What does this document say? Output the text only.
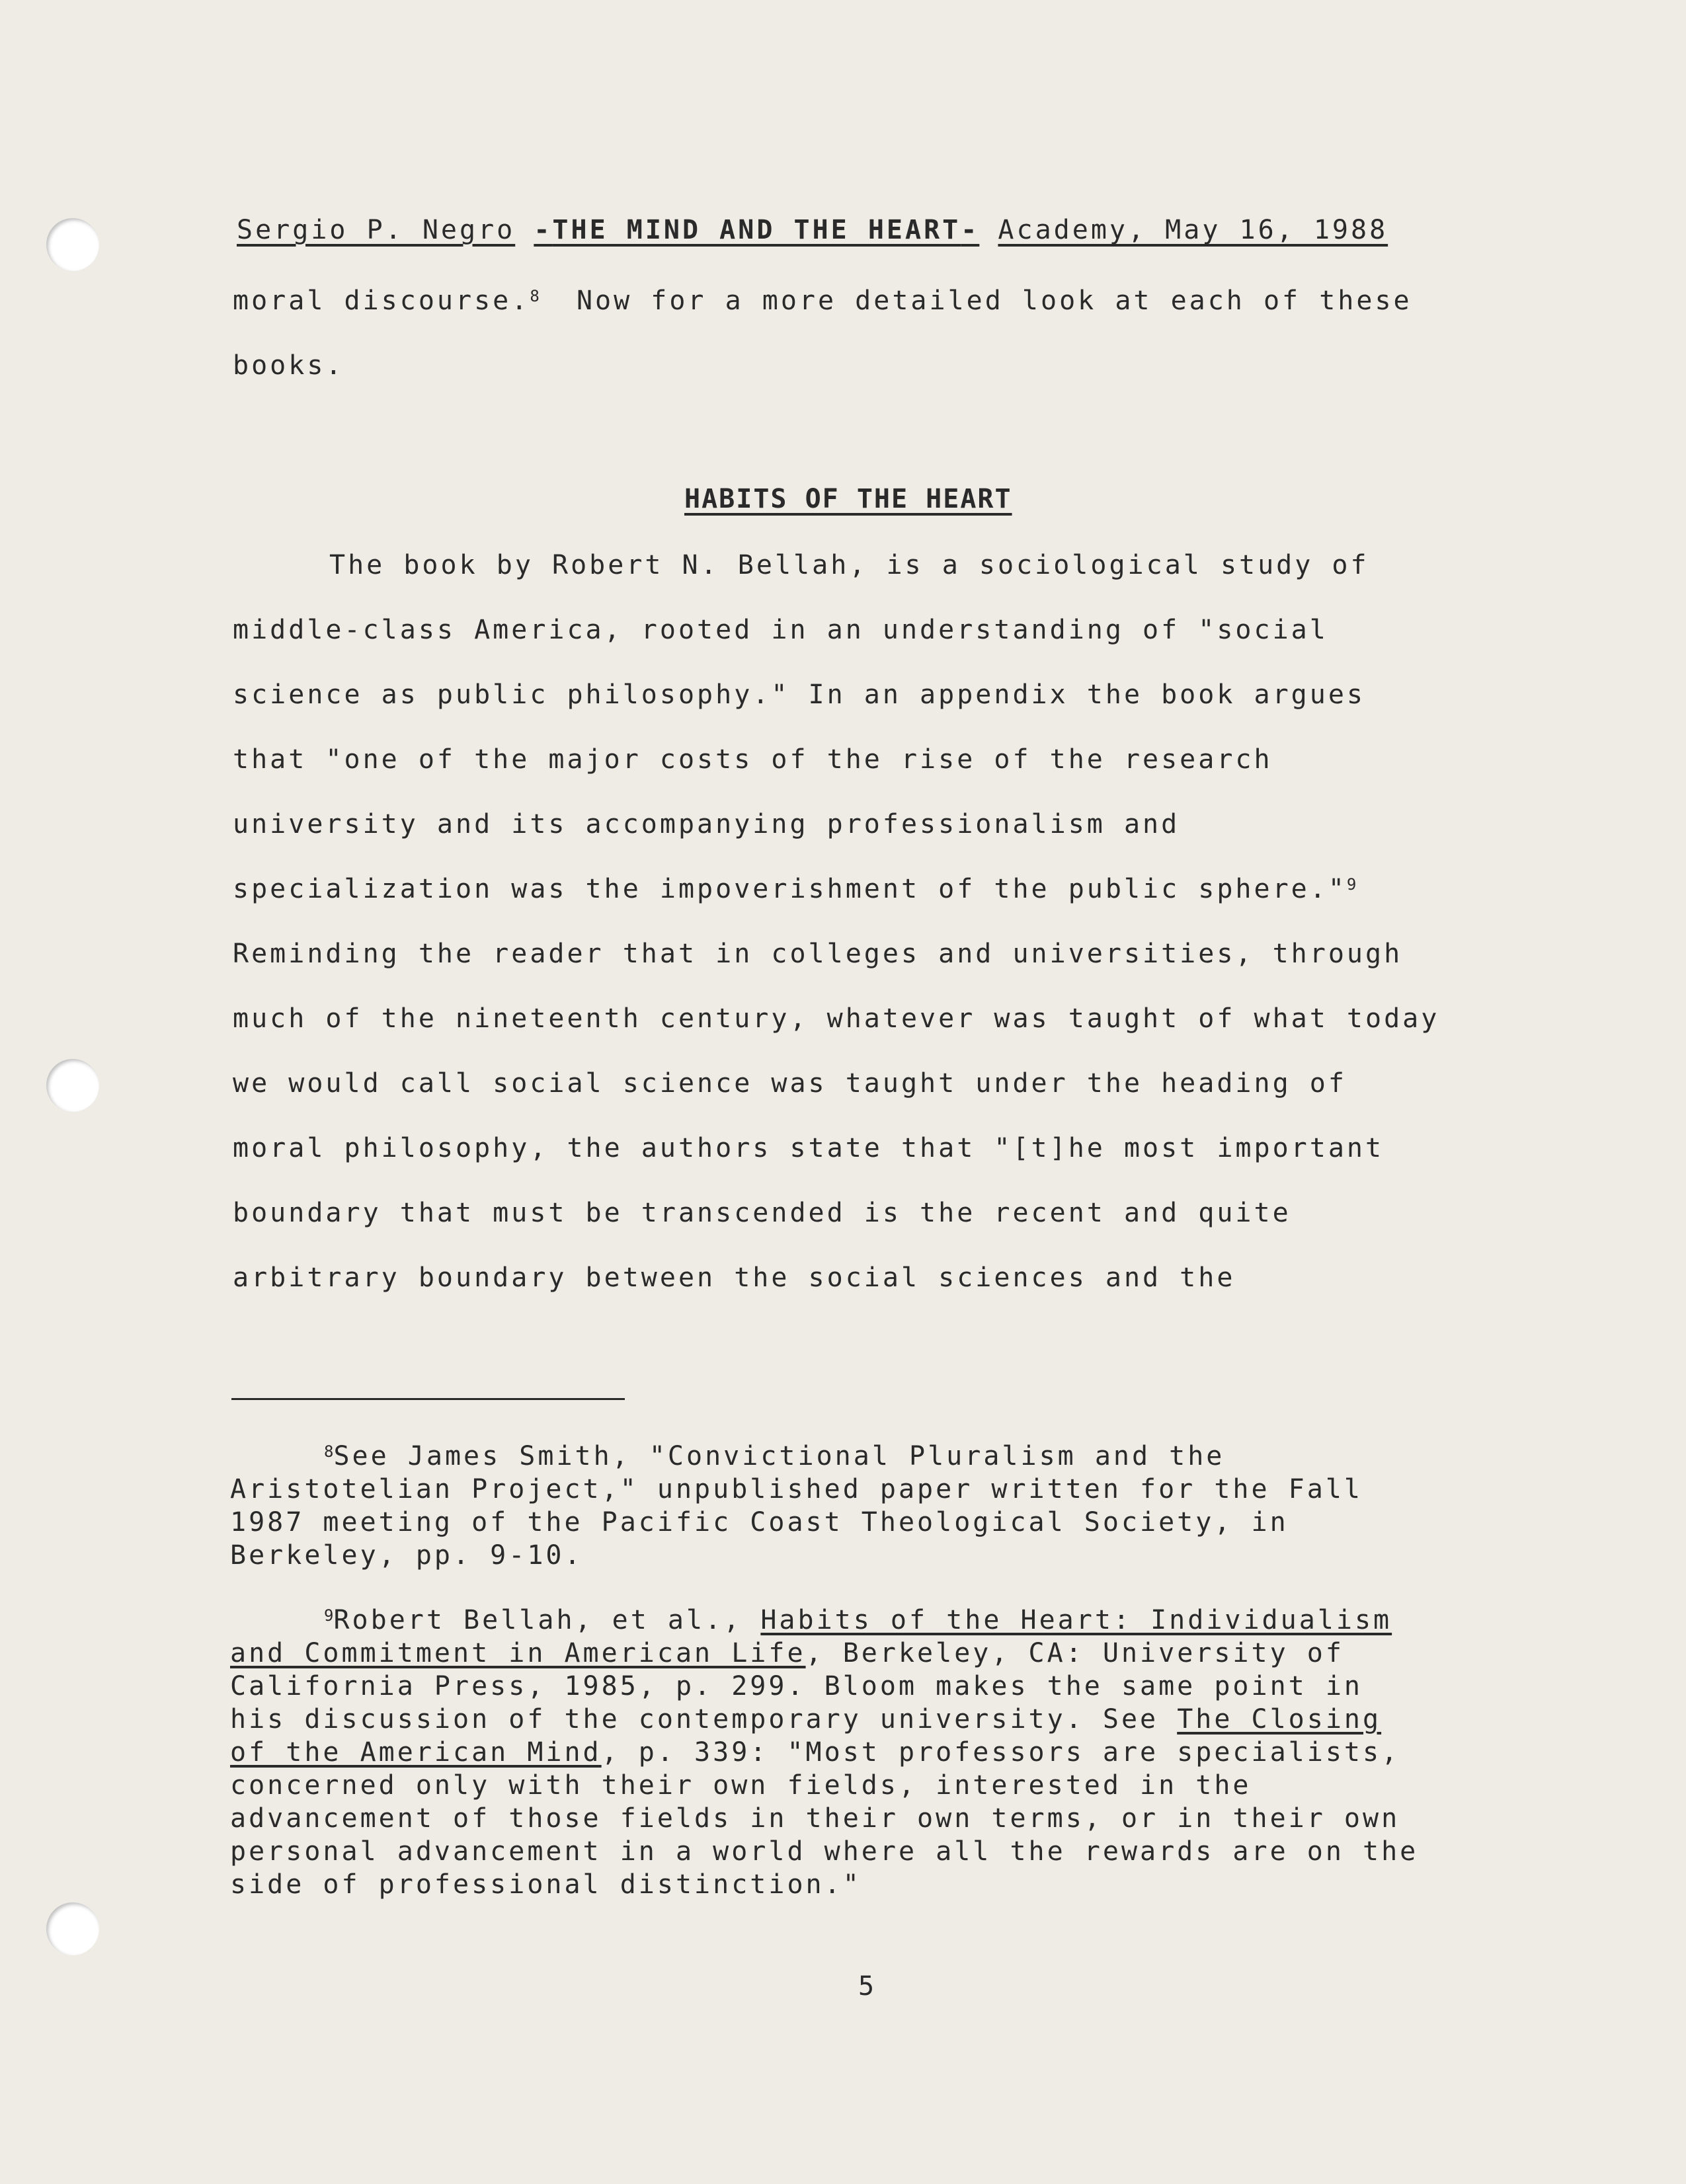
Sergio P. Negro -THE MIND AND THE HEART- Academy, May 16, 1988
moral discourse.$^8$ Now for a more detailed look at each of these
books.
HABITS OF THE HEART
The book by Robert N. Bellah, is a sociological study of
middle-class America, rooted in an understanding of "social
science as public philosophy." In an appendix the book argues
that "one of the major costs of the rise of the research
university and its accompanying professionalism and
specialization was the impoverishment of the public sphere."$^9$
Reminding the reader that in colleges and universities, through
much of the nineteenth century, whatever was taught of what today
we would call social science was taught under the heading of
moral philosophy, the authors state that "[t]he most important
boundary that must be transcended is the recent and quite
arbitrary boundary between the social sciences and the
$^8$See James Smith, "Convictional Pluralism and the
Aristotelian Project," unpublished paper written for the Fall
1987 meeting of the Pacific Coast Theological Society, in
Berkeley, pp. 9-10.
$^9$Robert Bellah, et al., Habits of the Heart: Individualism
and Commitment in American Life, Berkeley, CA: University of
California Press, 1985, p. 299. Bloom makes the same point in
his discussion of the contemporary university. See The Closing
of the American Mind, p. 339: "Most professors are specialists,
concerned only with their own fields, interested in the
advancement of those fields in their own terms, or in their own
personal advancement in a world where all the rewards are on the
side of professional distinction."
5
